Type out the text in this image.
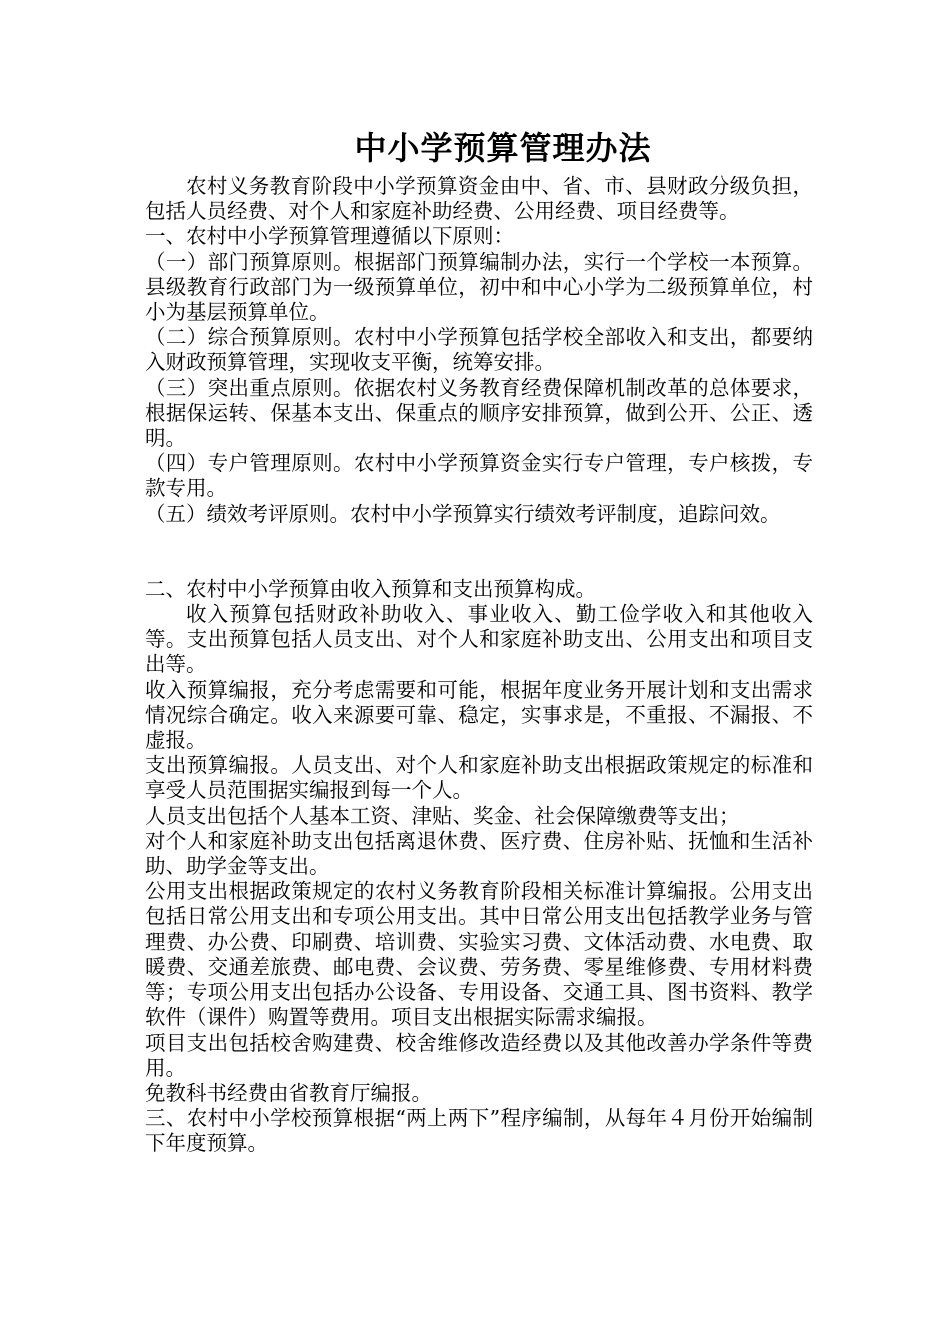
中小学预算管理办法

农村义务教育阶段中小学预算资金由中、省、市、县财政分级负担，包括人员经费、对个人和家庭补助经费、公用经费、项目经费等。

一、农村中小学预算管理遵循以下原则：

（一）部门预算原则。根据部门预算编制办法，实行一个学校一本预算。县级教育行政部门为一级预算单位，初中和中心小学为二级预算单位，村小为基层预算单位。

（二）综合预算原则。农村中小学预算包括学校全部收入和支出，都要纳入财政预算管理，实现收支平衡，统筹安排。

（三）突出重点原则。依据农村义务教育经费保障机制改革的总体要求，根据保运转、保基本支出、保重点的顺序安排预算，做到公开、公正、透明。

（四）专户管理原则。农村中小学预算资金实行专户管理，专户核拨，专款专用。

（五）绩效考评原则。农村中小学预算实行绩效考评制度，追踪问效。

二、农村中小学预算由收入预算和支出预算构成。

收入预算包括财政补助收入、事业收入、勤工俭学收入和其他收入等。支出预算包括人员支出、对个人和家庭补助支出、公用支出和项目支出等。

收入预算编报，充分考虑需要和可能，根据年度业务开展计划和支出需求情况综合确定。收入来源要可靠、稳定，实事求是，不重报、不漏报、不虚报。

支出预算编报。人员支出、对个人和家庭补助支出根据政策规定的标准和享受人员范围据实编报到每一个人。

人员支出包括个人基本工资、津贴、奖金、社会保障缴费等支出；

对个人和家庭补助支出包括离退休费、医疗费、住房补贴、抚恤和生活补助、助学金等支出。

公用支出根据政策规定的农村义务教育阶段相关标准计算编报。公用支出包括日常公用支出和专项公用支出。其中日常公用支出包括教学业务与管理费、办公费、印刷费、培训费、实验实习费、文体活动费、水电费、取暖费、交通差旅费、邮电费、会议费、劳务费、零星维修费、专用材料费等；专项公用支出包括办公设备、专用设备、交通工具、图书资料、教学软件（课件）购置等费用。项目支出根据实际需求编报。

项目支出包括校舍购建费、校舍维修改造经费以及其他改善办学条件等费用。

免教科书经费由省教育厅编报。

三、农村中小学校预算根据“两上两下”程序编制，从每年４月份开始编制下年度预算。
